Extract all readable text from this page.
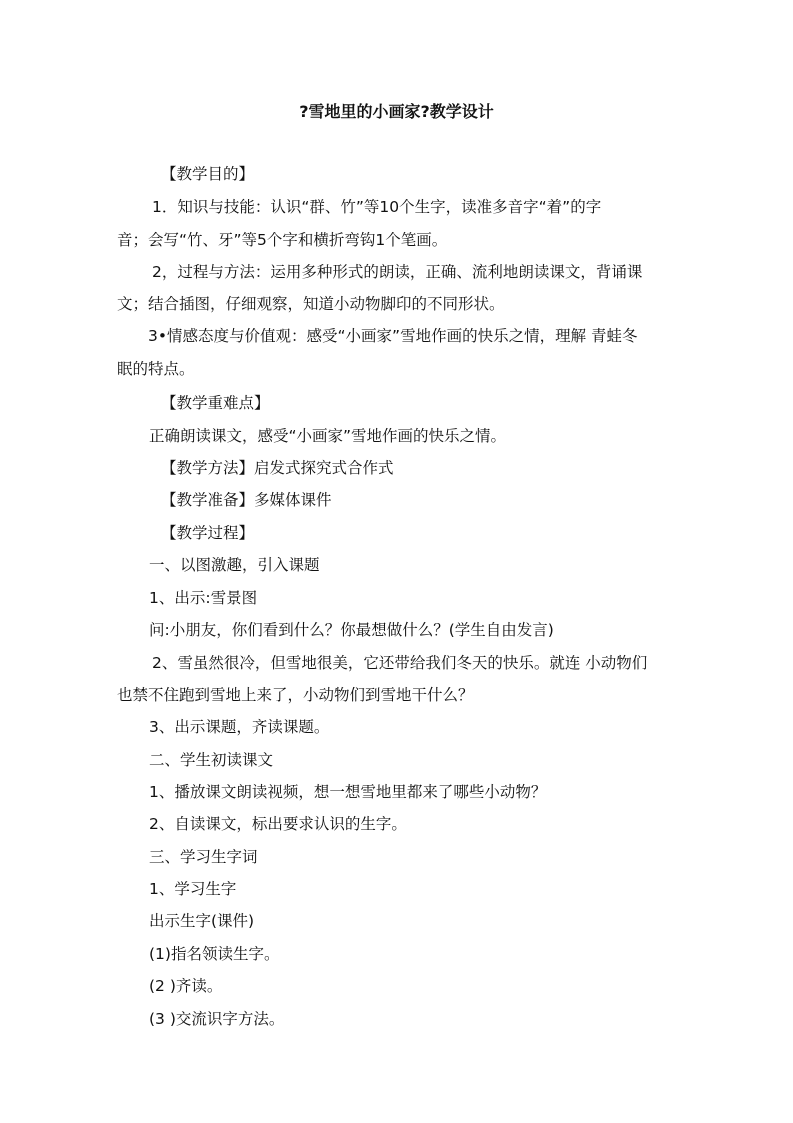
?雪地里的小画家?教学设计
【教学目的】
1．知识与技能：认识“群、竹”等10个生字，读准多音字“着”的字
音；会写“竹、牙”等5个字和横折弯钩1个笔画。
2，过程与方法：运用多种形式的朗读，正确、流利地朗读课文，背诵课
文；结合插图，仔细观察，知道小动物脚印的不同形状。
3•情感态度与价值观：感受“小画家”雪地作画的快乐之情，理解 青蛙冬
眠的特点。
【教学重难点】
正确朗读课文，感受“小画家”雪地作画的快乐之情。
【教学方法】启发式探究式合作式
【教学准备】多媒体课件
【教学过程】
一、以图激趣，引入课题
1、出示:雪景图
问:小朋友，你们看到什么？你最想做什么？(学生自由发言)
2、雪虽然很冷，但雪地很美，它还带给我们冬天的快乐。就连 小动物们
也禁不住跑到雪地上来了，小动物们到雪地干什么？
3、出示课题，齐读课题。
二、学生初读课文
1、播放课文朗读视频，想一想雪地里都来了哪些小动物？
2、自读课文，标出要求认识的生字。
三、学习生字词
1、学习生字
出示生字(课件)
(1)指名领读生字。
(2 )齐读。
(3 )交流识字方法。
